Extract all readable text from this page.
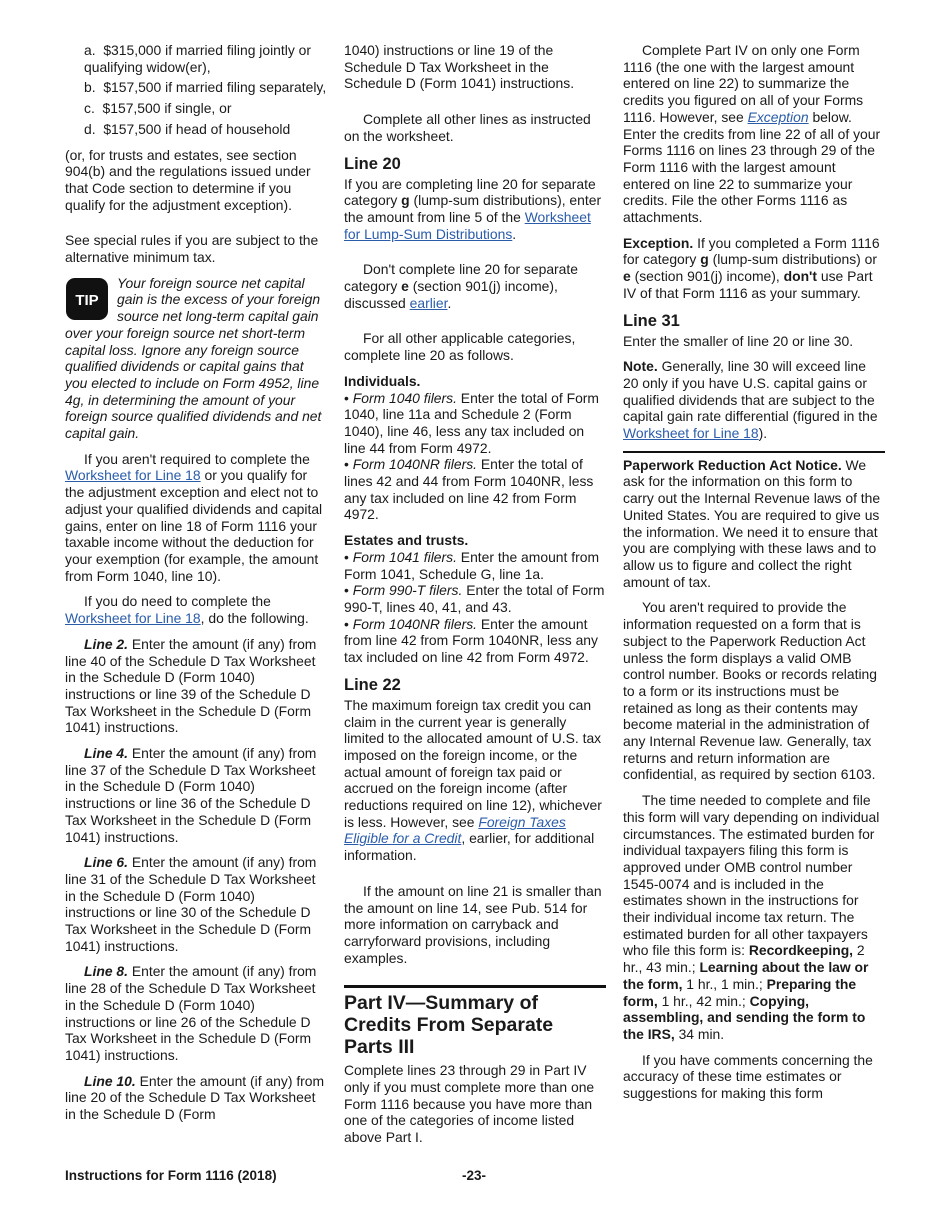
a. $315,000 if married filing jointly or qualifying widow(er),
b. $157,500 if married filing separately,
c. $157,500 if single, or
d. $157,500 if head of household

(or, for trusts and estates, see section 904(b) and the regulations issued under that Code section to determine if you qualify for the adjustment exception).

See special rules if you are subject to the alternative minimum tax.

TIP

Your foreign source net capital gain is the excess of your foreign source net long-term capital gain over your foreign source net short-term capital loss. Ignore any foreign source qualified dividends or capital gains that you elected to include on Form 4952, line 4g, in determining the amount of your foreign source qualified dividends and net capital gain.

If you aren't required to complete the Worksheet for Line 18 or you qualify for the adjustment exception and elect not to adjust your qualified dividends and capital gains, enter on line 18 of Form 1116 your taxable income without the deduction for your exemption (for example, the amount from Form 1040, line 10).

If you do need to complete the Worksheet for Line 18, do the following.

Line 2. Enter the amount (if any) from line 40 of the Schedule D Tax Worksheet in the Schedule D (Form 1040) instructions or line 39 of the Schedule D Tax Worksheet in the Schedule D (Form 1041) instructions.

Line 4. Enter the amount (if any) from line 37 of the Schedule D Tax Worksheet in the Schedule D (Form 1040) instructions or line 36 of the Schedule D Tax Worksheet in the Schedule D (Form 1041) instructions.

Line 6. Enter the amount (if any) from line 31 of the Schedule D Tax Worksheet in the Schedule D (Form 1040) instructions or line 30 of the Schedule D Tax Worksheet in the Schedule D (Form 1041) instructions.

Line 8. Enter the amount (if any) from line 28 of the Schedule D Tax Worksheet in the Schedule D (Form 1040) instructions or line 26 of the Schedule D Tax Worksheet in the Schedule D (Form 1041) instructions.

Line 10. Enter the amount (if any) from line 20 of the Schedule D Tax Worksheet in the Schedule D (Form

1040) instructions or line 19 of the Schedule D Tax Worksheet in the Schedule D (Form 1041) instructions.

Complete all other lines as instructed on the worksheet.

Line 20

If you are completing line 20 for separate category g (lump-sum distributions), enter the amount from line 5 of the Worksheet for Lump-Sum Distributions.

Don't complete line 20 for separate category e (section 901(j) income), discussed earlier.

For all other applicable categories, complete line 20 as follows.

Individuals.

• Form 1040 filers. Enter the total of Form 1040, line 11a and Schedule 2 (Form 1040), line 46, less any tax included on line 44 from Form 4972.

• Form 1040NR filers. Enter the total of lines 42 and 44 from Form 1040NR, less any tax included on line 42 from Form 4972.

Estates and trusts.

• Form 1041 filers. Enter the amount from Form 1041, Schedule G, line 1a.

• Form 990-T filers. Enter the total of Form 990-T, lines 40, 41, and 43.

• Form 1040NR filers. Enter the amount from line 42 from Form 1040NR, less any tax included on line 42 from Form 4972.

Line 22

The maximum foreign tax credit you can claim in the current year is generally limited to the allocated amount of U.S. tax imposed on the foreign income, or the actual amount of foreign tax paid or accrued on the foreign income (after reductions required on line 12), whichever is less. However, see Foreign Taxes Eligible for a Credit, earlier, for additional information.

If the amount on line 21 is smaller than the amount on line 14, see Pub. 514 for more information on carryback and carryforward provisions, including examples.

Part IV—Summary of Credits From Separate Parts III

Complete lines 23 through 29 in Part IV only if you must complete more than one Form 1116 because you have more than one of the categories of income listed above Part I.

Complete Part IV on only one Form 1116 (the one with the largest amount entered on line 22) to summarize the credits you figured on all of your Forms 1116. However, see Exception below. Enter the credits from line 22 of all of your Forms 1116 on lines 23 through 29 of the Form 1116 with the largest amount entered on line 22 to summarize your credits. File the other Forms 1116 as attachments.

Exception. If you completed a Form 1116 for category g (lump-sum distributions) or e (section 901(j) income), don't use Part IV of that Form 1116 as your summary.

Line 31

Enter the smaller of line 20 or line 30.

Note. Generally, line 30 will exceed line 20 only if you have U.S. capital gains or qualified dividends that are subject to the capital gain rate differential (figured in the Worksheet for Line 18).

Paperwork Reduction Act Notice. We ask for the information on this form to carry out the Internal Revenue laws of the United States. You are required to give us the information. We need it to ensure that you are complying with these laws and to allow us to figure and collect the right amount of tax.

You aren't required to provide the information requested on a form that is subject to the Paperwork Reduction Act unless the form displays a valid OMB control number. Books or records relating to a form or its instructions must be retained as long as their contents may become material in the administration of any Internal Revenue law. Generally, tax returns and return information are confidential, as required by section 6103.

The time needed to complete and file this form will vary depending on individual circumstances. The estimated burden for individual taxpayers filing this form is approved under OMB control number 1545-0074 and is included in the estimates shown in the instructions for their individual income tax return. The estimated burden for all other taxpayers who file this form is: Recordkeeping, 2 hr., 43 min.; Learning about the law or the form, 1 hr., 1 min.; Preparing the form, 1 hr., 42 min.; Copying, assembling, and sending the form to the IRS, 34 min.

If you have comments concerning the accuracy of these time estimates or suggestions for making this form

Instructions for Form 1116 (2018)	-23-
